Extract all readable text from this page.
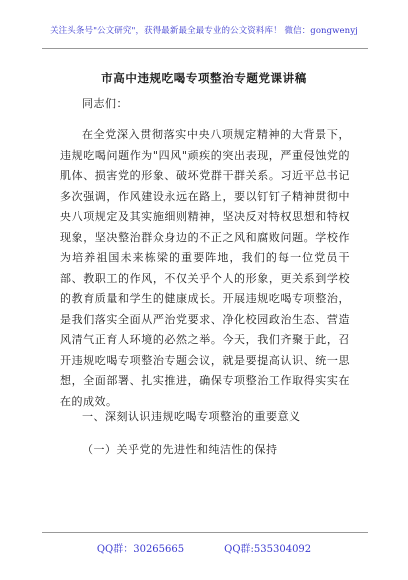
关注头条号"公文研究"，获得最新最全最专业的公文资料库！ 微信：gongwenyj
市高中违规吃喝专项整治专题党课讲稿
同志们：
在全党深入贯彻落实中央八项规定精神的大背景下，违规吃喝问题作为"四风"顽疾的突出表现，严重侵蚀党的肌体、损害党的形象、破坏党群干群关系。习近平总书记多次强调，作风建设永远在路上，要以钉钉子精神贯彻中央八项规定及其实施细则精神，坚决反对特权思想和特权现象，坚决整治群众身边的不正之风和腐败问题。学校作为培养祖国未来栋梁的重要阵地，我们的每一位党员干部、教职工的作风，不仅关乎个人的形象，更关系到学校的教育质量和学生的健康成长。开展违规吃喝专项整治，是我们落实全面从严治党要求、净化校园政治生态、营造风清气正育人环境的必然之举。今天，我们齐聚于此，召开违规吃喝专项整治专题会议，就是要提高认识、统一思想，全面部署、扎实推进，确保专项整治工作取得实实在在的成效。
一、深刻认识违规吃喝专项整治的重要意义
（一）关乎党的先进性和纯洁性的保持
QQ群：30265665	QQ群:535304092
